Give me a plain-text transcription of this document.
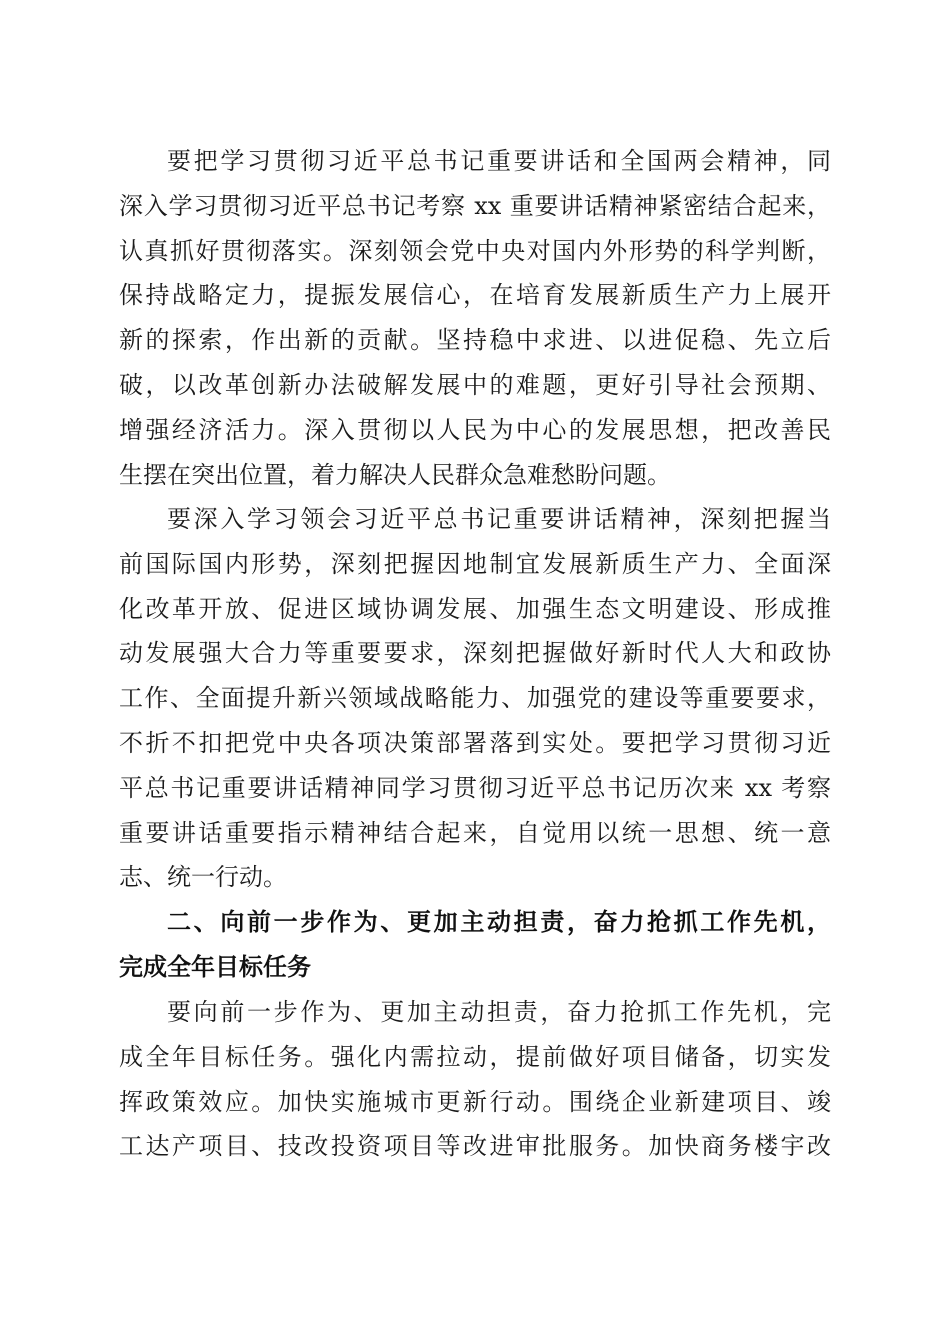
要把学习贯彻习近平总书记重要讲话和全国两会精神，同
深入学习贯彻习近平总书记考察 xx 重要讲话精神紧密结合起来，
认真抓好贯彻落实。深刻领会党中央对国内外形势的科学判断，
保持战略定力，提振发展信心，在培育发展新质生产力上展开
新的探索，作出新的贡献。坚持稳中求进、以进促稳、先立后
破，以改革创新办法破解发展中的难题，更好引导社会预期、
增强经济活力。深入贯彻以人民为中心的发展思想，把改善民
生摆在突出位置，着力解决人民群众急难愁盼问题。
要深入学习领会习近平总书记重要讲话精神，深刻把握当
前国际国内形势，深刻把握因地制宜发展新质生产力、全面深
化改革开放、促进区域协调发展、加强生态文明建设、形成推
动发展强大合力等重要要求，深刻把握做好新时代人大和政协
工作、全面提升新兴领域战略能力、加强党的建设等重要要求，
不折不扣把党中央各项决策部署落到实处。要把学习贯彻习近
平总书记重要讲话精神同学习贯彻习近平总书记历次来 xx 考察
重要讲话重要指示精神结合起来，自觉用以统一思想、统一意
志、统一行动。
二、向前一步作为、更加主动担责，奋力抢抓工作先机，
完成全年目标任务
要向前一步作为、更加主动担责，奋力抢抓工作先机，完
成全年目标任务。强化内需拉动，提前做好项目储备，切实发
挥政策效应。加快实施城市更新行动。围绕企业新建项目、竣
工达产项目、技改投资项目等改进审批服务。加快商务楼宇改
